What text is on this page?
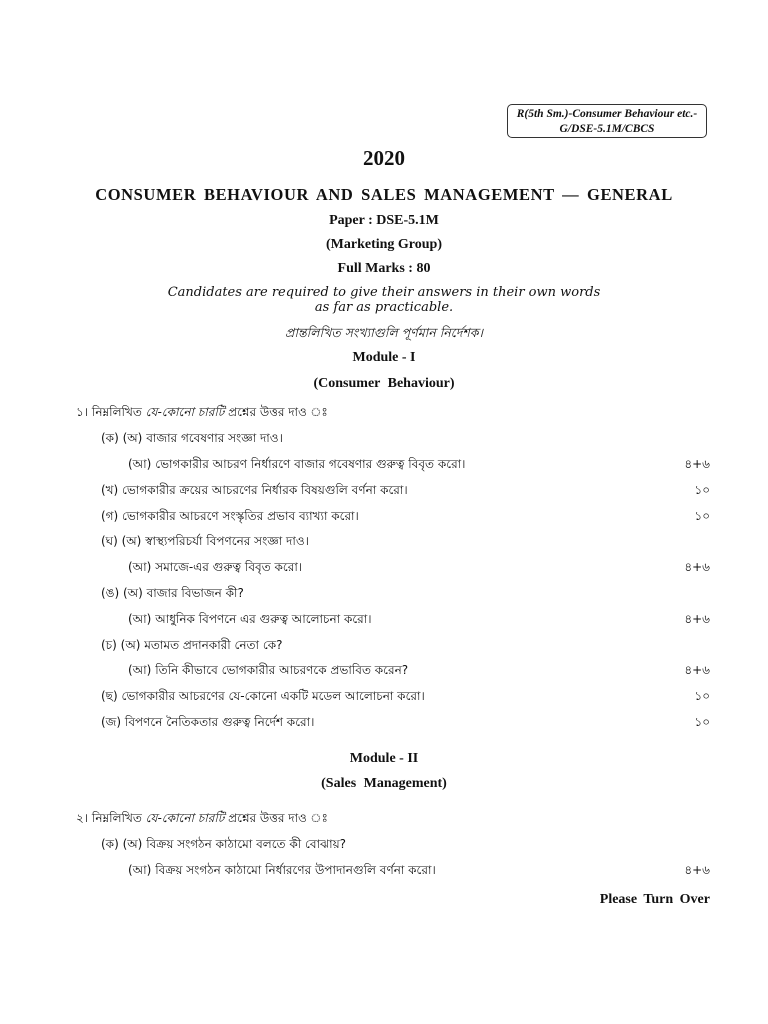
R(5th Sm.)-Consumer Behaviour etc.-
G/DSE-5.1M/CBCS
2020
CONSUMER BEHAVIOUR AND SALES MANAGEMENT — GENERAL
Paper : DSE-5.1M
(Marketing Group)
Full Marks : 80
Candidates are required to give their answers in their own words
as far as practicable.
প্রান্তলিখিত সংখ্যাগুলি পূর্ণমান নির্দেশক।
Module - I
(Consumer Behaviour)
১। নিম্নলিখিত যে-কোনো চারটি প্রশ্নের উত্তর দাও ঃ
(ক) (অ) বাজার গবেষণার সংজ্ঞা দাও।
(আ) ভোগকারীর আচরণ নির্ধারণে বাজার গবেষণার গুরুত্ব বিবৃত করো।	৪+৬
(খ) ভোগকারীর ক্রয়ের আচরণের নির্ধারক বিষয়গুলি বর্ণনা করো।	১০
(গ) ভোগকারীর আচরণে সংস্কৃতির প্রভাব ব্যাখ্যা করো।	১০
(ঘ) (অ) স্বাস্থ্যপরিচর্যা বিপণনের সংজ্ঞা দাও।
(আ) সমাজে-এর গুরুত্ব বিবৃত করো।	৪+৬
(ঙ) (অ) বাজার বিভাজন কী?
(আ) আধুনিক বিপণনে এর গুরুত্ব আলোচনা করো।	৪+৬
(চ) (অ) মতামত প্রদানকারী নেতা কে?
(আ) তিনি কীভাবে ভোগকারীর আচরণকে প্রভাবিত করেন?	৪+৬
(ছ) ভোগকারীর আচরণের যে-কোনো একটি মডেল আলোচনা করো।	১০
(জ) বিপণনে নৈতিকতার গুরুত্ব নির্দেশ করো।	১০
Module - II
(Sales Management)
২। নিম্নলিখিত যে-কোনো চারটি প্রশ্নের উত্তর দাও ঃ
(ক) (অ) বিক্রয় সংগঠন কাঠামো বলতে কী বোঝায়?
(আ) বিক্রয় সংগঠন কাঠামো নির্ধারণের উপাদানগুলি বর্ণনা করো।	৪+৬
Please Turn Over
